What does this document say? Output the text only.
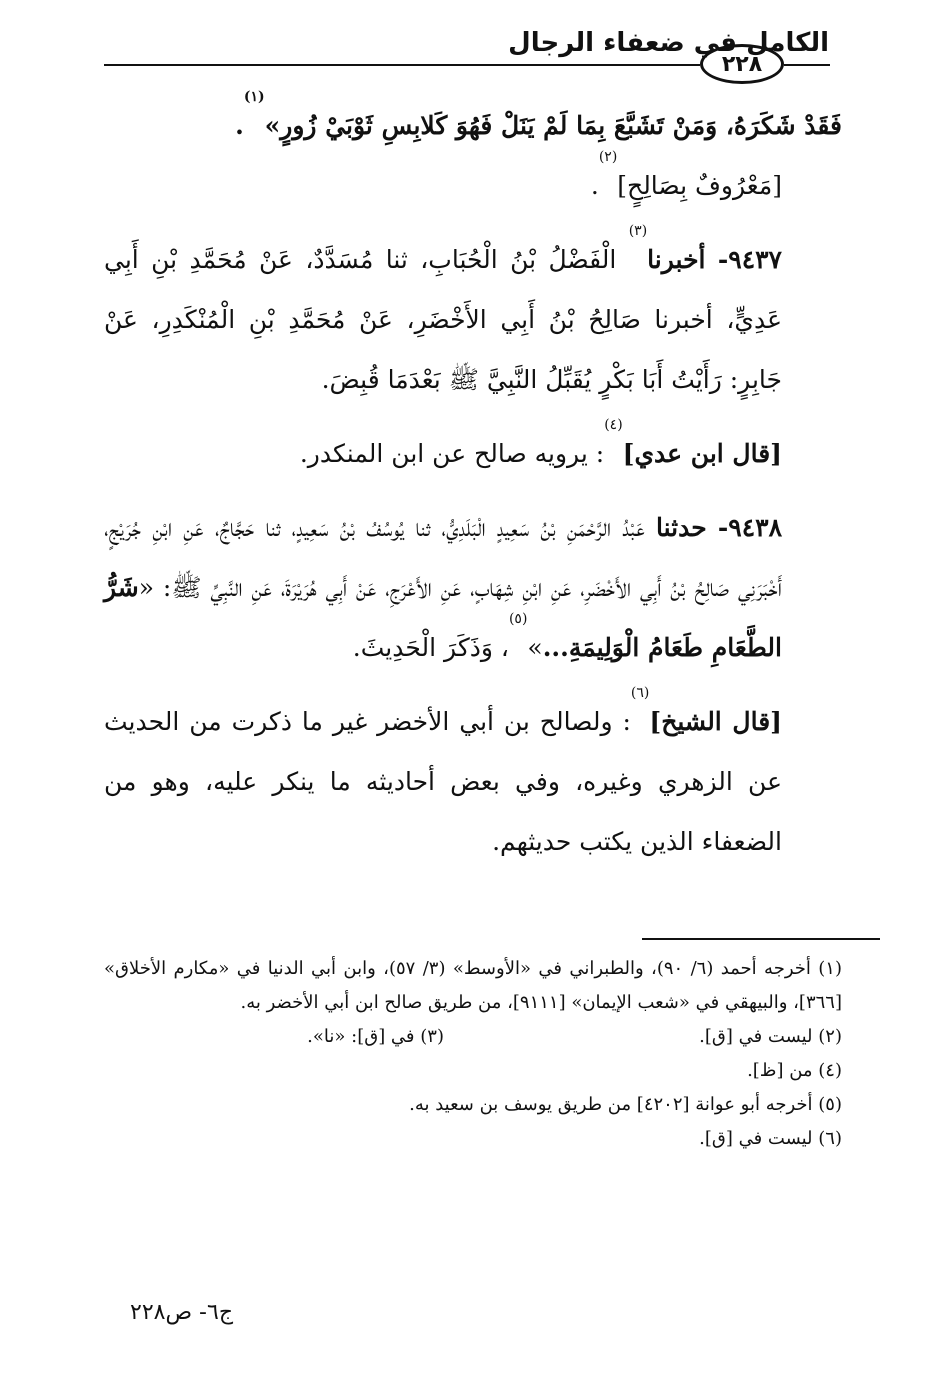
الكامل في ضعفاء الرجال
٢٢٨

فَقَدْ شَكَرَهُ، وَمَنْ تَشَبَّعَ بِمَا لَمْ يَنَلْ فَهُوَ كَلابِسِ ثَوْبَيْ زُورٍ»$^{(١)}$.

[مَعْرُوفٌ بِصَالِحٍ]$^{(٢)}$.

٩٤٣٧- أخبرنا$^{(٣)}$ الْفَضْلُ بْنُ الْحُبَابِ، ثنا مُسَدَّدٌ، عَنْ مُحَمَّدِ بْنِ أَبِي عَدِيٍّ، أخبرنا صَالِحُ بْنُ أَبِي الأَخْضَرِ، عَنْ مُحَمَّدِ بْنِ الْمُنْكَدِرِ، عَنْ جَابِرٍ: رَأَيْتُ أَبَا بَكْرٍ يُقَبِّلُ النَّبِيَّ ﷺ بَعْدَمَا قُبِضَ.

[قال ابن عدي]$^{(٤)}$: يرويه صالح عن ابن المنكدر.

٩٤٣٨- حدثنا عَبْدُ الرَّحْمَنِ بْنُ سَعِيدٍ الْبَلَدِيُّ، ثنا يُوسُفُ بْنُ سَعِيدٍ، ثنا حَجَّاجٌ، عَنِ ابْنِ جُرَيْجٍ، أَخْبَرَنِي صَالِحُ بْنُ أَبِي الأَخْضَرِ، عَنِ ابْنِ شِهَابٍ، عَنِ الأَعْرَجِ، عَنْ أَبِي هُرَيْرَةَ، عَنِ النَّبِيِّ ﷺ: «شَرُّ الطَّعَامِ طَعَامُ الْوَلِيمَةِ...»$^{(٥)}$، وَذَكَرَ الْحَدِيثَ.

[قال الشيخ]$^{(٦)}$: ولصالح بن أبي الأخضر غير ما ذكرت من الحديث عن الزهري وغيره، وفي بعض أحاديثه ما ينكر عليه، وهو من الضعفاء الذين يكتب حديثهم.

(١) أخرجه أحمد (٦/ ٩٠)، والطبراني في «الأوسط» (٣/ ٥٧)، وابن أبي الدنيا في «مكارم الأخلاق» [٣٦٦]، والبيهقي في «شعب الإيمان» [٩١١١]، من طريق صالح ابن أبي الأخضر به.

(٢) ليست في [ق].

(٣) في [ق]: «نا».

(٤) من [ظ].

(٥) أخرجه أبو عوانة [٤٢٠٢] من طريق يوسف بن سعيد به.

(٦) ليست في [ق].

ج٦- ص٢٢٨
